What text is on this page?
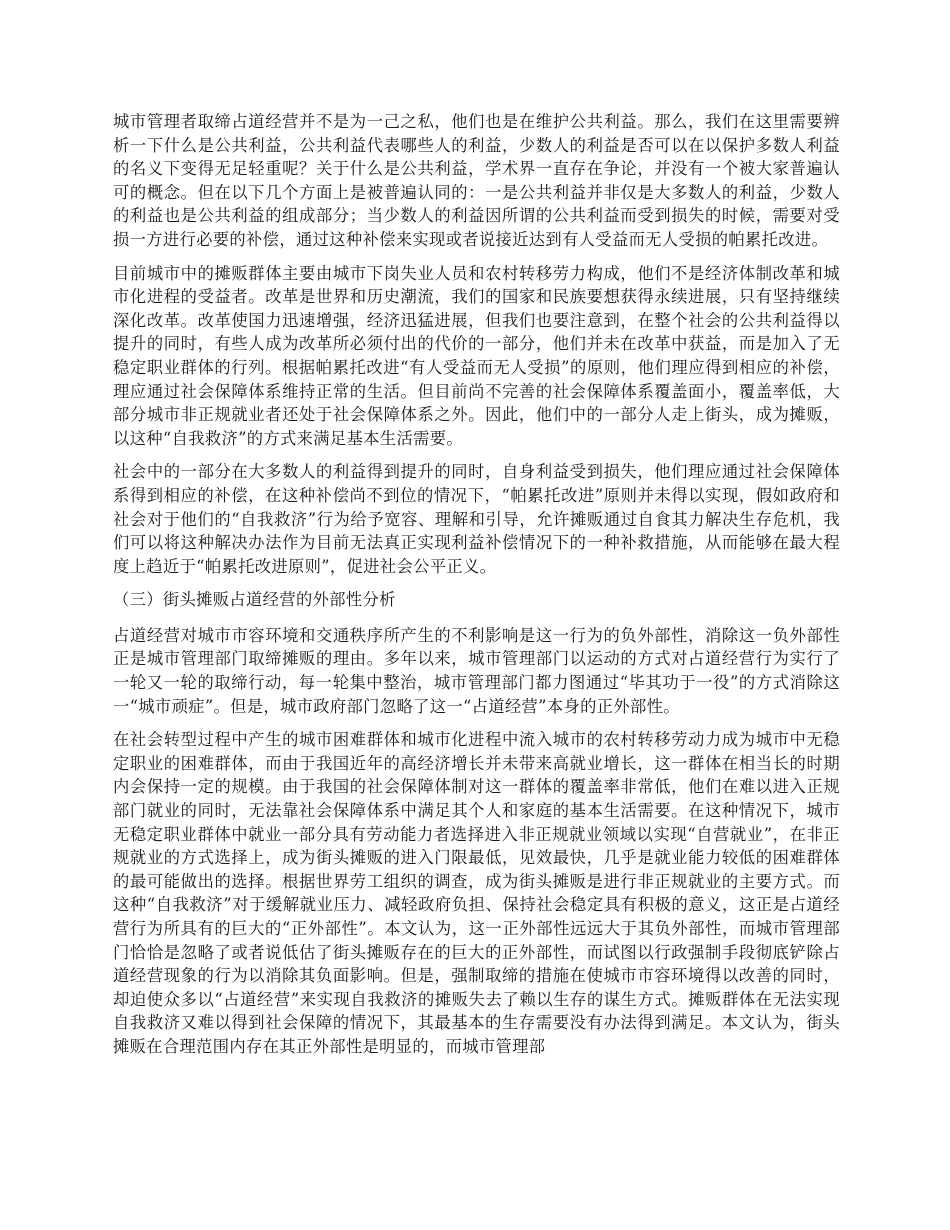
城市管理者取缔占道经营并不是为一己之私，他们也是在维护公共利益。那么，我们在这里需要辨析一下什么是公共利益，公共利益代表哪些人的利益，少数人的利益是否可以在以保护多数人利益的名义下变得无足轻重呢？关于什么是公共利益，学术界一直存在争论，并没有一个被大家普遍认可的概念。但在以下几个方面上是被普遍认同的：一是公共利益并非仅是大多数人的利益，少数人的利益也是公共利益的组成部分；当少数人的利益因所谓的公共利益而受到损失的时候，需要对受损一方进行必要的补偿，通过这种补偿来实现或者说接近达到有人受益而无人受损的帕累托改进。

目前城市中的摊贩群体主要由城市下岗失业人员和农村转移劳力构成，他们不是经济体制改革和城市化进程的受益者。改革是世界和历史潮流，我们的国家和民族要想获得永续进展，只有坚持继续深化改革。改革使国力迅速增强，经济迅猛进展，但我们也要注意到，在整个社会的公共利益得以提升的同时，有些人成为改革所必须付出的代价的一部分，他们并未在改革中获益，而是加入了无稳定职业群体的行列。根据帕累托改进“有人受益而无人受损”的原则，他们理应得到相应的补偿，理应通过社会保障体系维持正常的生活。但目前尚不完善的社会保障体系覆盖面小，覆盖率低，大部分城市非正规就业者还处于社会保障体系之外。因此，他们中的一部分人走上街头，成为摊贩，以这种“自我救济”的方式来满足基本生活需要。

社会中的一部分在大多数人的利益得到提升的同时，自身利益受到损失，他们理应通过社会保障体系得到相应的补偿，在这种补偿尚不到位的情况下，“帕累托改进”原则并未得以实现，假如政府和社会对于他们的“自我救济”行为给予宽容、理解和引导，允许摊贩通过自食其力解决生存危机，我们可以将这种解决办法作为目前无法真正实现利益补偿情况下的一种补救措施，从而能够在最大程度上趋近于“帕累托改进原则”，促进社会公平正义。

（三）街头摊贩占道经营的外部性分析

占道经营对城市市容环境和交通秩序所产生的不利影响是这一行为的负外部性，消除这一负外部性正是城市管理部门取缔摊贩的理由。多年以来，城市管理部门以运动的方式对占道经营行为实行了一轮又一轮的取缔行动，每一轮集中整治，城市管理部门都力图通过“毕其功于一役”的方式消除这一“城市顽症”。但是，城市政府部门忽略了这一“占道经营”本身的正外部性。

在社会转型过程中产生的城市困难群体和城市化进程中流入城市的农村转移劳动力成为城市中无稳定职业的困难群体，而由于我国近年的高经济增长并未带来高就业增长，这一群体在相当长的时期内会保持一定的规模。由于我国的社会保障体制对这一群体的覆盖率非常低，他们在难以进入正规部门就业的同时，无法靠社会保障体系中满足其个人和家庭的基本生活需要。在这种情况下，城市无稳定职业群体中就业一部分具有劳动能力者选择进入非正规就业领域以实现“自营就业”，在非正规就业的方式选择上，成为街头摊贩的进入门限最低，见效最快，几乎是就业能力较低的困难群体的最可能做出的选择。根据世界劳工组织的调查，成为街头摊贩是进行非正规就业的主要方式。而这种“自我救济”对于缓解就业压力、减轻政府负担、保持社会稳定具有积极的意义，这正是占道经营行为所具有的巨大的“正外部性”。本文认为，这一正外部性远远大于其负外部性，而城市管理部门恰恰是忽略了或者说低估了街头摊贩存在的巨大的正外部性，而试图以行政强制手段彻底铲除占道经营现象的行为以消除其负面影响。但是，强制取缔的措施在使城市市容环境得以改善的同时，却迫使众多以“占道经营”来实现自我救济的摊贩失去了赖以生存的谋生方式。摊贩群体在无法实现自我救济又难以得到社会保障的情况下，其最基本的生存需要没有办法得到满足。本文认为，街头摊贩在合理范围内存在其正外部性是明显的，而城市管理部
